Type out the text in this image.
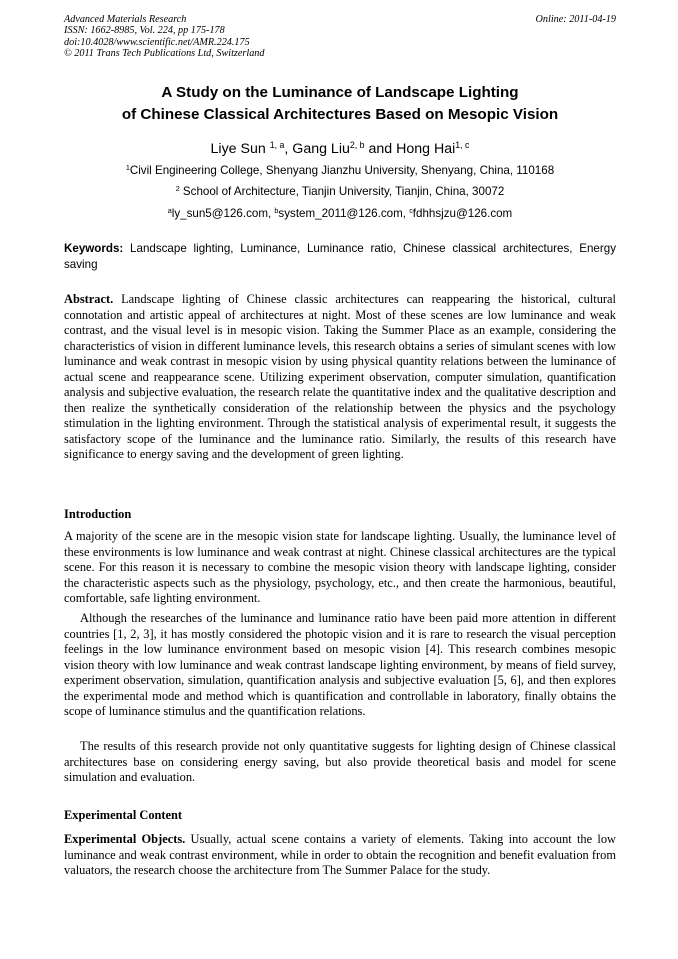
Advanced Materials Research
ISSN: 1662-8985, Vol. 224, pp 175-178
doi:10.4028/www.scientific.net/AMR.224.175
© 2011 Trans Tech Publications Ltd, Switzerland
Online: 2011-04-19
A Study on the Luminance of Landscape Lighting
of Chinese Classical Architectures Based on Mesopic Vision
Liye Sun $^{1, a}$, Gang Liu$^{2, b}$ and Hong Hai$^{1, c}$
$^1$Civil Engineering College, Shenyang Jianzhu University, Shenyang, China, 110168
$^2$ School of Architecture, Tianjin University, Tianjin, China, 30072
$^a$ly_sun5@126.com, $^b$system_2011@126.com, $^c$fdhhsjzu@126.com
Keywords: Landscape lighting, Luminance, Luminance ratio, Chinese classical architectures, Energy saving

Abstract. Landscape lighting of Chinese classic architectures can reappearing the historical, cultural connotation and artistic appeal of architectures at night. Most of these scenes are low luminance and weak contrast, and the visual level is in mesopic vision. Taking the Summer Place as an example, considering the characteristics of vision in different luminance levels, this research obtains a series of simulant scenes with low luminance and weak contrast in mesopic vision by using physical quantity relations between the luminance of actual scene and reappearance scene. Utilizing experiment observation, computer simulation, quantification analysis and subjective evaluation, the research relate the quantitative index and the qualitative description and then realize the synthetically consideration of the relationship between the physics and the psychology stimulation in the lighting environment. Through the statistical analysis of experimental result, it suggests the satisfactory scope of the luminance and the luminance ratio. Similarly, the results of this research have significance to energy saving and the development of green lighting.

Introduction

A majority of the scene are in the mesopic vision state for landscape lighting. Usually, the luminance level of these environments is low luminance and weak contrast at night. Chinese classical architectures are the typical scene. For this reason it is necessary to combine the mesopic vision theory with landscape lighting, consider the characteristic aspects such as the physiology, psychology, etc., and then create the harmonious, beautiful, comfortable, safe lighting environment.

Although the researches of the luminance and luminance ratio have been paid more attention in different countries [1, 2, 3], it has mostly considered the photopic vision and it is rare to research the visual perception feelings in the low luminance environment based on mesopic vision [4]. This research combines mesopic vision theory with low luminance and weak contrast landscape lighting environment, by means of field survey, experiment observation, simulation, quantification analysis and subjective evaluation [5, 6], and then explores the experimental mode and method which is quantification and controllable in laboratory, finally obtains the scope of luminance stimulus and the quantification relations.

The results of this research provide not only quantitative suggests for lighting design of Chinese classical architectures base on considering energy saving, but also provide theoretical basis and model for scene simulation and evaluation.

Experimental Content

Experimental Objects. Usually, actual scene contains a variety of elements. Taking into account the low luminance and weak contrast environment, while in order to obtain the recognition and benefit evaluation from valuators, the research choose the architecture from The Summer Palace for the study.
